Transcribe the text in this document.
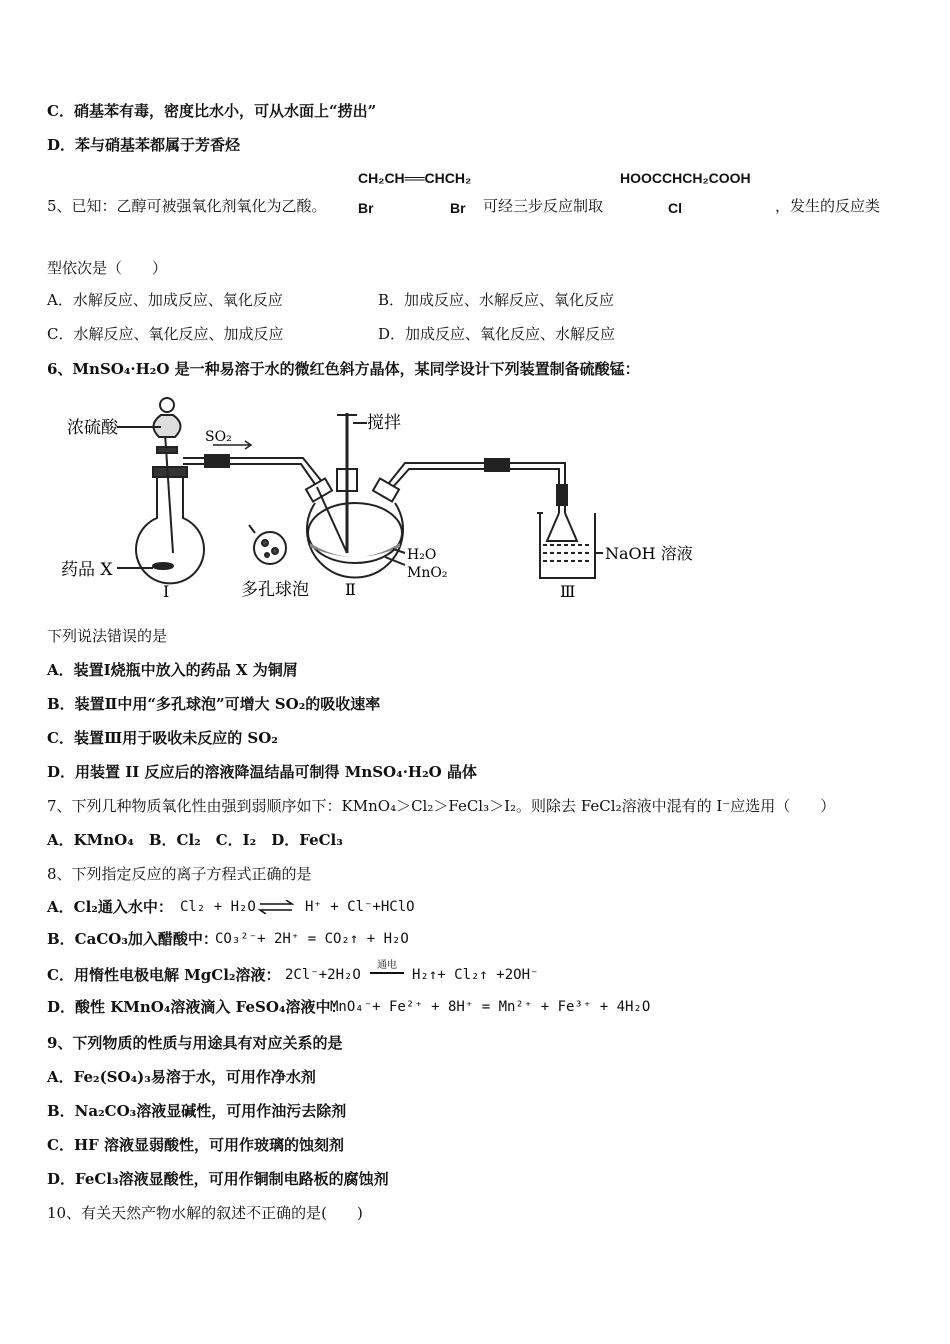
C．硝基苯有毒，密度比水小，可从水面上“捞出”
D．苯与硝基苯都属于芳香烃
5、已知：乙醇可被强氧化剂氧化为乙酸。
CH₂CH══CHCH₂
Br	Br 可经三步反应制取
HOOCCHCH₂COOH
Cl	，发生的反应类
型依次是（　　）
A．水解反应、加成反应、氧化反应	B．加成反应、水解反应、氧化反应
C．水解反应、氧化反应、加成反应	D．加成反应、氧化反应、水解反应
6、MnSO₄·H₂O 是一种易溶于水的微红色斜方晶体，某同学设计下列装置制备硫酸锰：
浓硫酸	SO₂
搅拌
药品 X
Ⅰ	多孔球泡 Ⅱ
H₂O
MnO₂
Ⅲ
NaOH 溶液
下列说法错误的是
A．装置Ⅰ烧瓶中放入的药品 X 为铜屑
B．装置Ⅱ中用“多孔球泡”可增大 SO₂的吸收速率
C．装置Ⅲ用于吸收未反应的 SO₂
D．用装置 II 反应后的溶液降温结晶可制得 MnSO₄·H₂O 晶体
7、下列几种物质氧化性由强到弱顺序如下：KMnO₄＞Cl₂＞FeCl₃＞I₂。则除去 FeCl₂溶液中混有的 I⁻应选用（　　）
A．KMnO₄　B．Cl₂　C．I₂　D．FeCl₃
8、下列指定反应的离子方程式正确的是
A．Cl₂通入水中： Cl₂ + H₂O ⇌ H⁺ + Cl⁻+HClO
B．CaCO₃加入醋酸中：
CO₃²⁻+ 2H⁺ = CO₂↑ + H₂O
C．用惰性电极电解 MgCl₂溶液： 2Cl⁻+2H₂O
通电
H₂↑+ Cl₂↑ +2OH⁻
D．酸性 KMnO₄溶液滴入 FeSO₄溶液中：
MnO₄⁻+ Fe²⁺ + 8H⁺ = Mn²⁺ + Fe³⁺ + 4H₂O
9、下列物质的性质与用途具有对应关系的是
A．Fe₂(SO₄)₃易溶于水，可用作净水剂
B．Na₂CO₃溶液显碱性，可用作油污去除剂
C．HF 溶液显弱酸性，可用作玻璃的蚀刻剂
D．FeCl₃溶液显酸性，可用作铜制电路板的腐蚀剂
10、有关天然产物水解的叙述不正确的是(　　)
